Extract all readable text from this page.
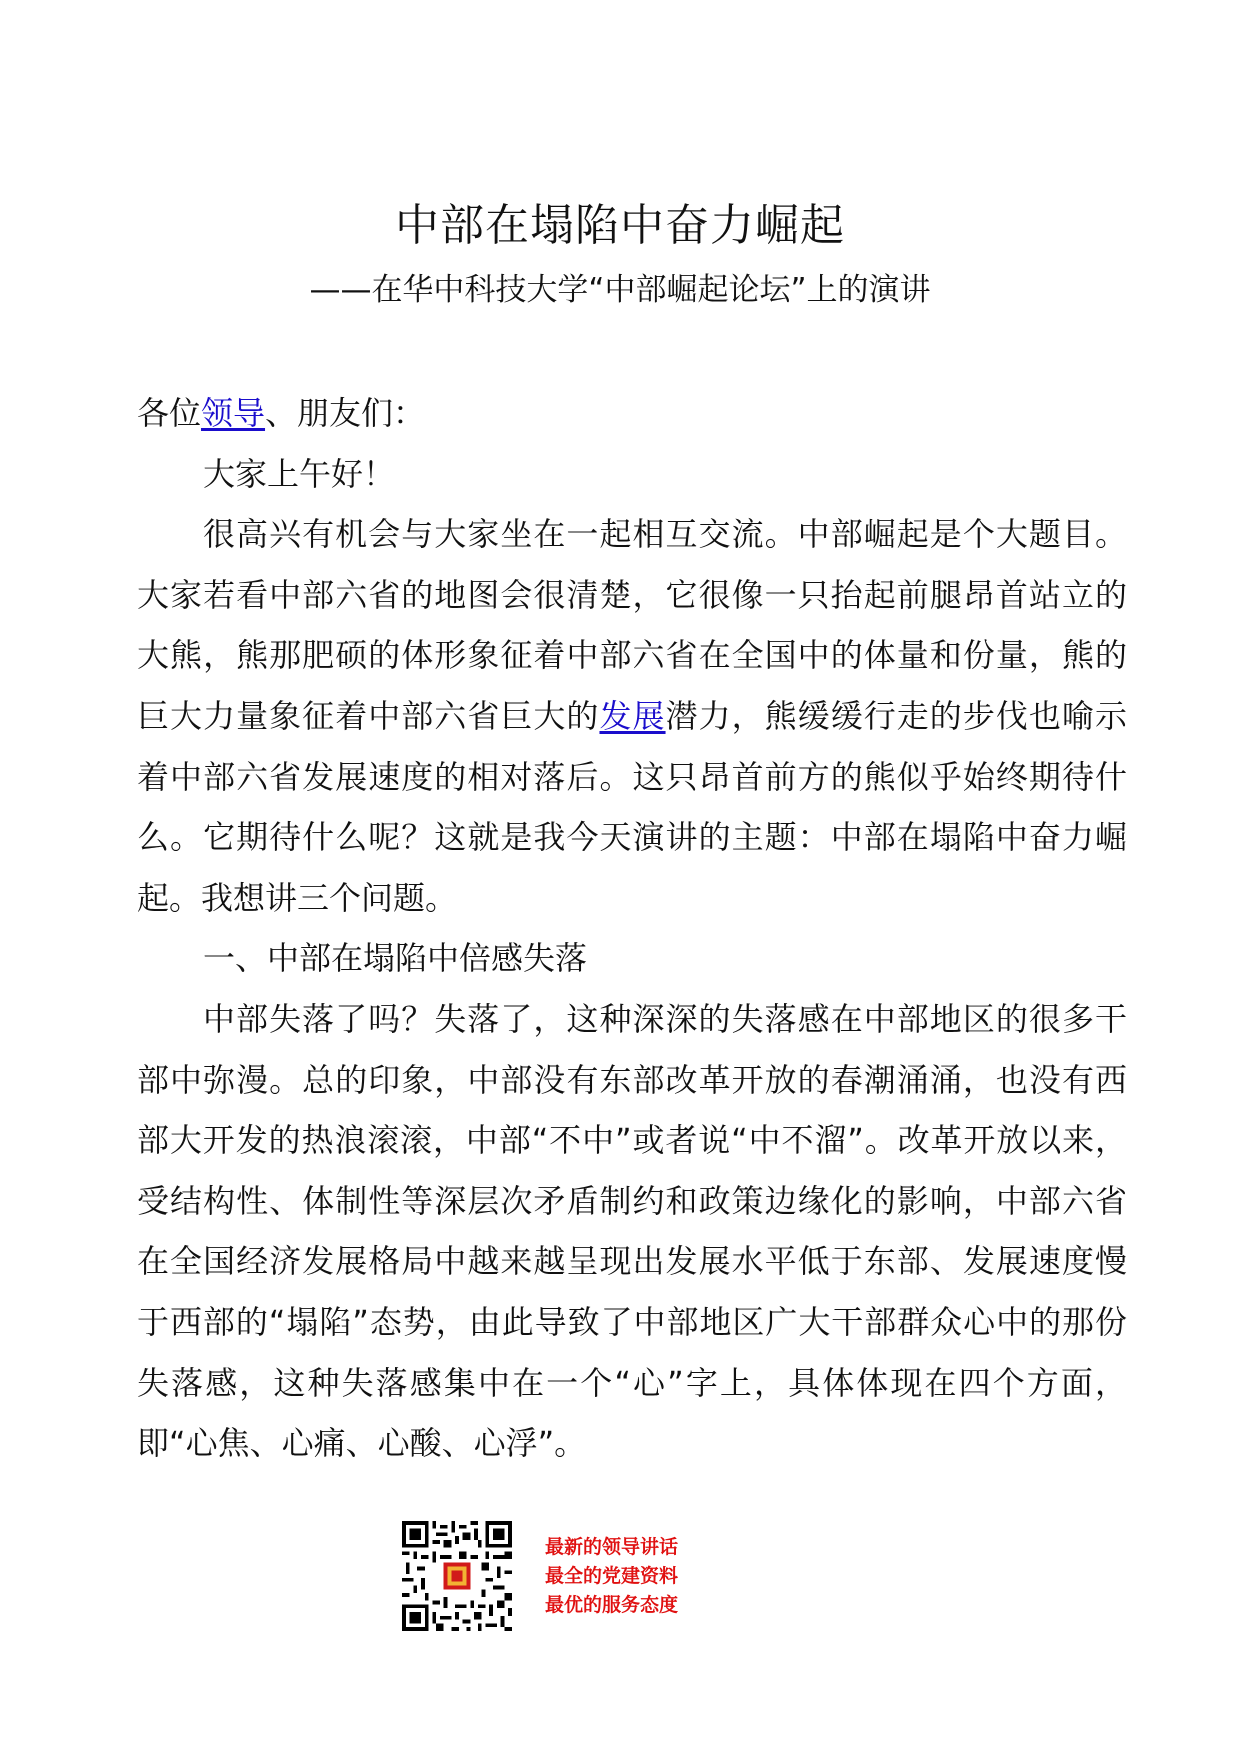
中部在塌陷中奋力崛起
——在华中科技大学“中部崛起论坛”上的演讲

各位领导、朋友们：

大家上午好！

很高兴有机会与大家坐在一起相互交流。中部崛起是个大题目。大家若看中部六省的地图会很清楚，它很像一只抬起前腿昂首站立的大熊，熊那肥硕的体形象征着中部六省在全国中的体量和份量，熊的巨大力量象征着中部六省巨大的发展潜力，熊缓缓行走的步伐也喻示着中部六省发展速度的相对落后。这只昂首前方的熊似乎始终期待什么。它期待什么呢？这就是我今天演讲的主题：中部在塌陷中奋力崛起。我想讲三个问题。

一、中部在塌陷中倍感失落

中部失落了吗？失落了，这种深深的失落感在中部地区的很多干部中弥漫。总的印象，中部没有东部改革开放的春潮涌涌，也没有西部大开发的热浪滚滚，中部“不中”或者说“中不溜”。改革开放以来，受结构性、体制性等深层次矛盾制约和政策边缘化的影响，中部六省在全国经济发展格局中越来越呈现出发展水平低于东部、发展速度慢于西部的“塌陷”态势，由此导致了中部地区广大干部群众心中的那份失落感，这种失落感集中在一个“心”字上，具体体现在四个方面，即“心焦、心痛、心酸、心浮”。

最新的领导讲话
最全的党建资料
最优的服务态度
